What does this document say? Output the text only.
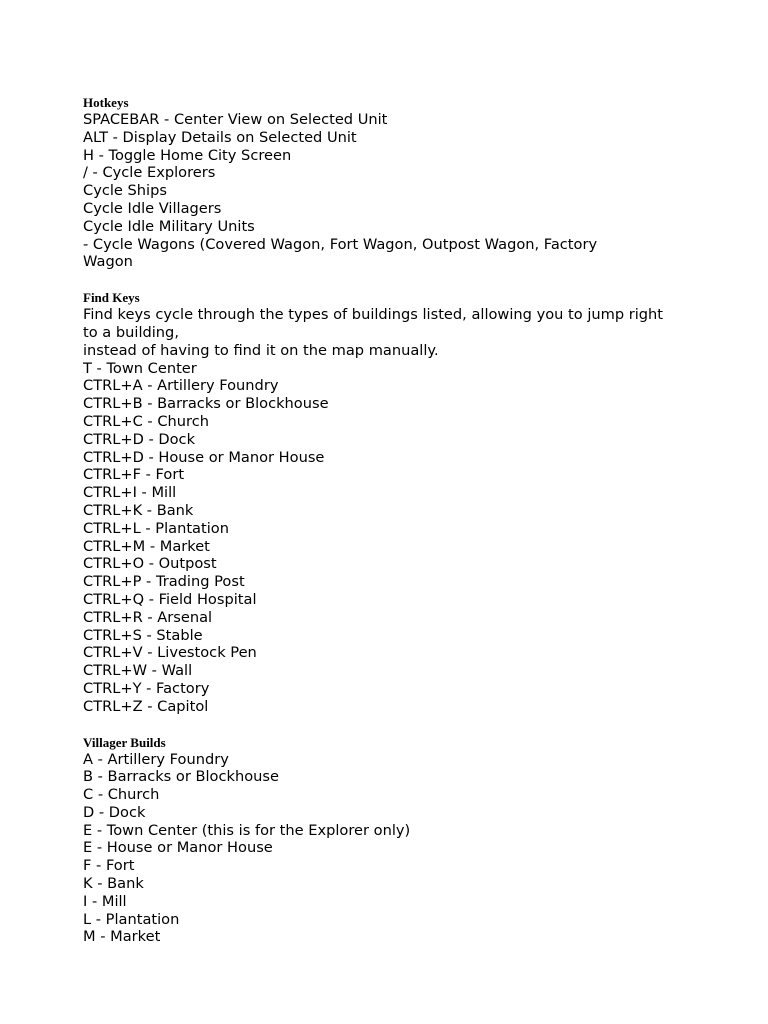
Hotkeys
SPACEBAR - Center View on Selected Unit
ALT - Display Details on Selected Unit
H - Toggle Home City Screen
/ - Cycle Explorers
Cycle Ships
Cycle Idle Villagers
Cycle Idle Military Units
- Cycle Wagons (Covered Wagon, Fort Wagon, Outpost Wagon, Factory
Wagon
Find Keys
Find keys cycle through the types of buildings listed, allowing you to jump right
to a building,
instead of having to find it on the map manually.
T - Town Center
CTRL+A - Artillery Foundry
CTRL+B - Barracks or Blockhouse
CTRL+C - Church
CTRL+D - Dock
CTRL+D - House or Manor House
CTRL+F - Fort
CTRL+I - Mill
CTRL+K - Bank
CTRL+L - Plantation
CTRL+M - Market
CTRL+O - Outpost
CTRL+P - Trading Post
CTRL+Q - Field Hospital
CTRL+R - Arsenal
CTRL+S - Stable
CTRL+V - Livestock Pen
CTRL+W - Wall
CTRL+Y - Factory
CTRL+Z - Capitol
Villager Builds
A - Artillery Foundry
B - Barracks or Blockhouse
C - Church
D - Dock
E - Town Center (this is for the Explorer only)
E - House or Manor House
F - Fort
K - Bank
I - Mill
L - Plantation
M - Market
